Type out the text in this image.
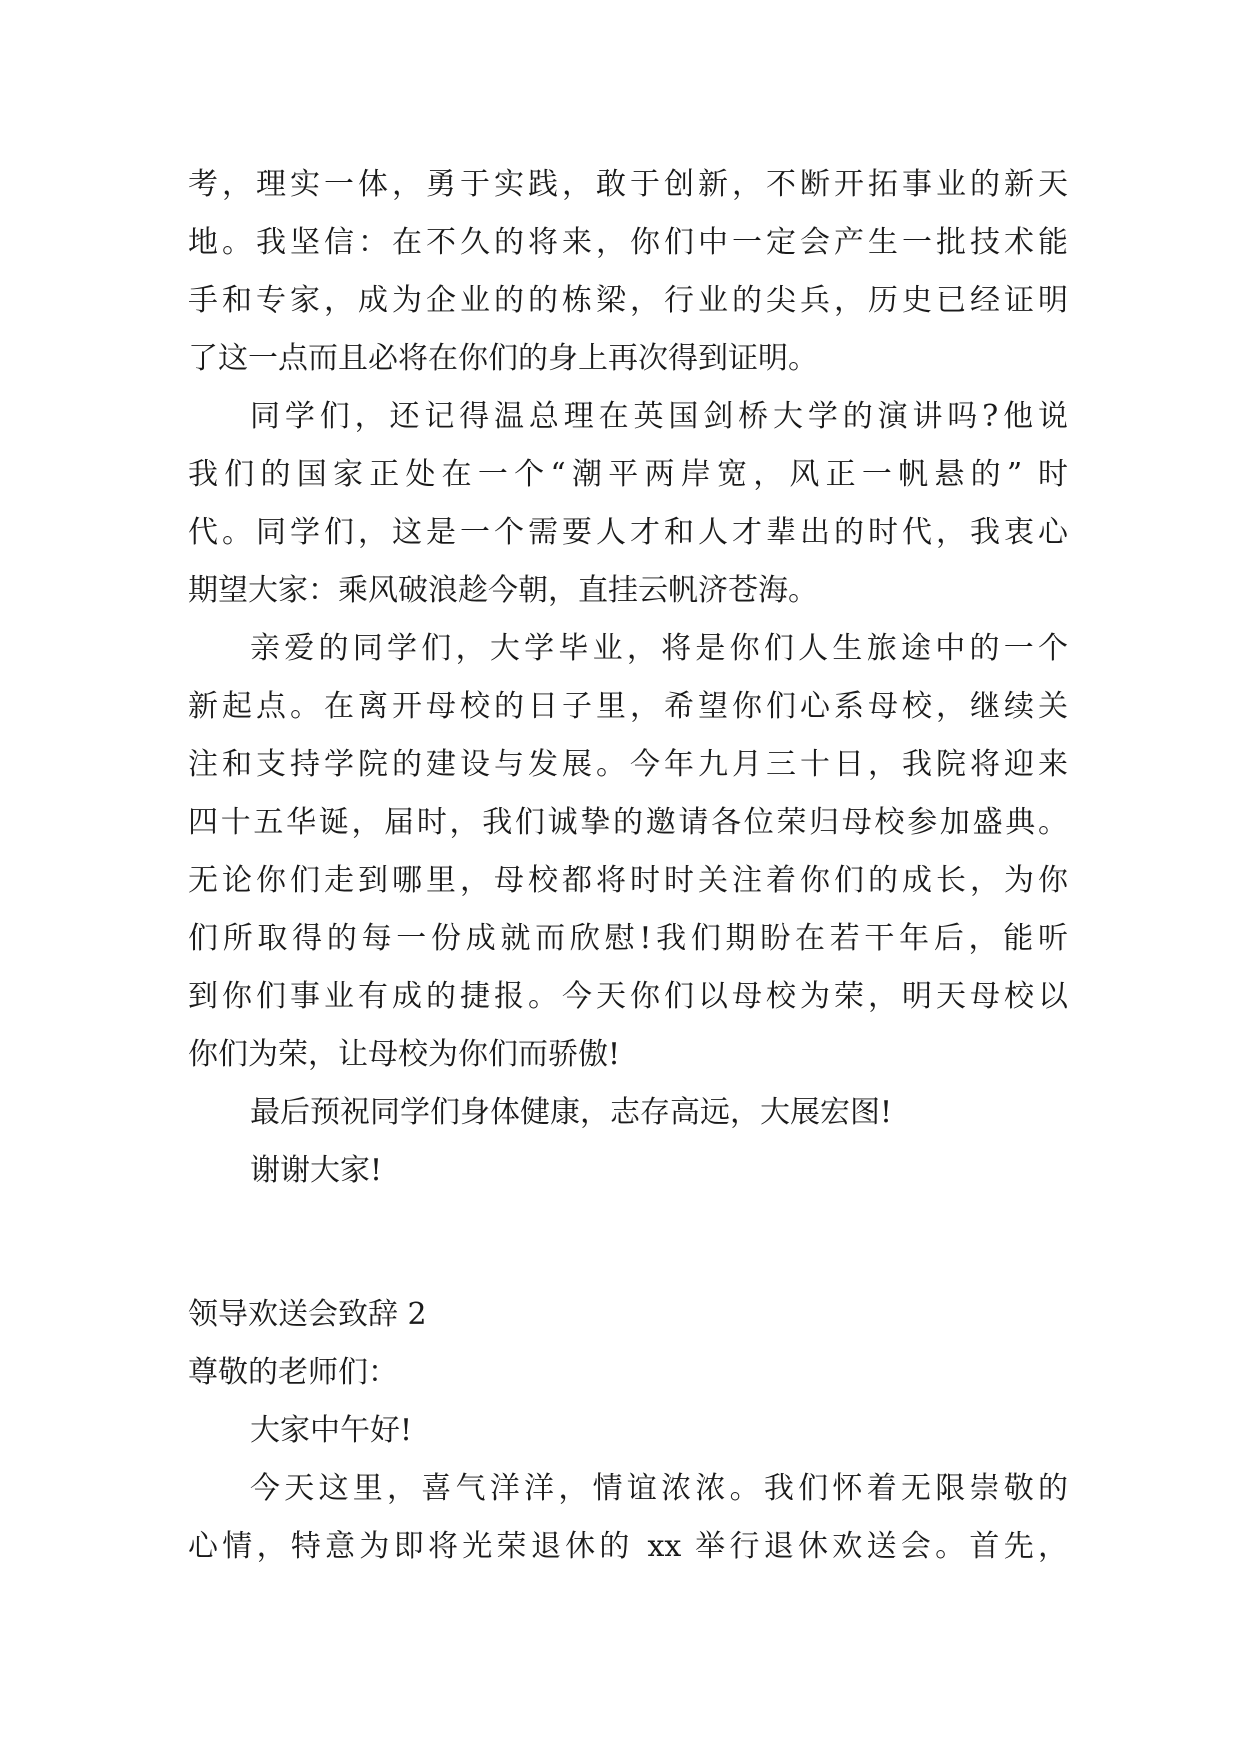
考，理实一体，勇于实践，敢于创新，不断开拓事业的新天
地。我坚信：在不久的将来，你们中一定会产生一批技术能
手和专家，成为企业的的栋梁，行业的尖兵，历史已经证明
了这一点而且必将在你们的身上再次得到证明。
同学们，还记得温总理在英国剑桥大学的演讲吗?他说
我们的国家正处在一个“潮平两岸宽，风正一帆悬的” 时
代。同学们，这是一个需要人才和人才辈出的时代，我衷心
期望大家：乘风破浪趁今朝，直挂云帆济苍海。
亲爱的同学们，大学毕业，将是你们人生旅途中的一个
新起点。在离开母校的日子里，希望你们心系母校，继续关
注和支持学院的建设与发展。今年九月三十日，我院将迎来
四十五华诞，届时，我们诚挚的邀请各位荣归母校参加盛典。
无论你们走到哪里，母校都将时时关注着你们的成长，为你
们所取得的每一份成就而欣慰!我们期盼在若干年后，能听
到你们事业有成的捷报。今天你们以母校为荣，明天母校以
你们为荣，让母校为你们而骄傲!
最后预祝同学们身体健康，志存高远，大展宏图!
谢谢大家!
领导欢送会致辞 2
尊敬的老师们：
大家中午好!
今天这里，喜气洋洋，情谊浓浓。我们怀着无限崇敬的
心情，特意为即将光荣退休的 xx 举行退休欢送会。首先，
